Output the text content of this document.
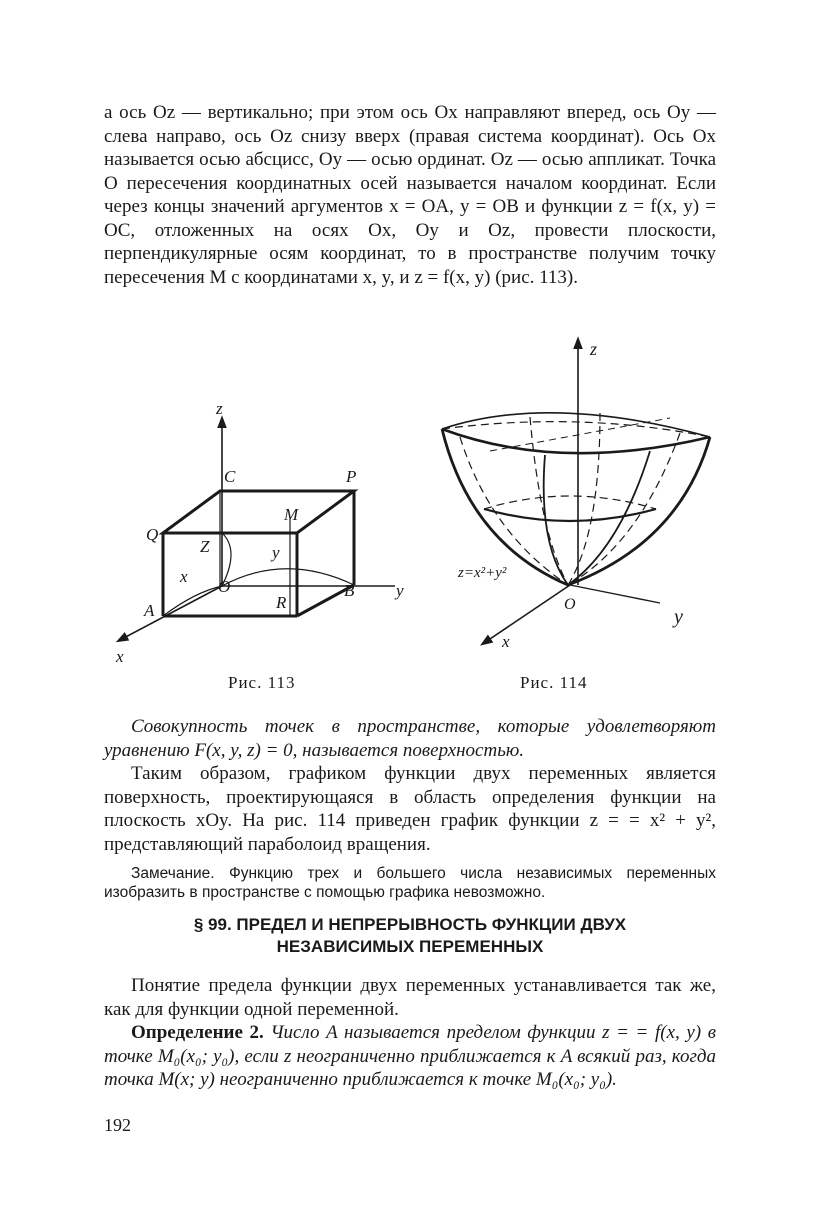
а ось Oz — вертикально; при этом ось Ox направляют вперед, ось Oy — слева направо, ось Oz снизу вверх (правая система координат). Ось Ox называется осью абсцисс, Oy — осью ординат. Oz — осью аппликат. Точка O пересечения координатных осей называется началом координат. Если через концы значений аргументов x = OA, y = OB и функции z = f(x, y) = OC, отложенных на осях Ox, Oy и Oz, провести плоскости, перпендикулярные осям координат, то в пространстве получим точку пересечения M с координатами x, y, и z = f(x, y) (рис. 113).

z
C	P
Q
M
Z	y
x
O	B y
A	R
x
Рис. 113
z
z=x²+y²
O
y
x
Рис. 114

Совокупность точек в пространстве, которые удовлетворяют уравнению F(x, y, z) = 0, называется поверхностью.

Таким образом, графиком функции двух переменных является поверхность, проектирующаяся в область определения функции на плоскость xOy. На рис. 114 приведен график функции z = = x² + y², представляющий параболоид вращения.

Замечание. Функцию трех и большего числа независимых переменных изобразить в пространстве с помощью графика невозможно.

§ 99. ПРЕДЕЛ И НЕПРЕРЫВНОСТЬ ФУНКЦИИ ДВУХ

НЕЗАВИСИМЫХ ПЕРЕМЕННЫХ

Понятие предела функции двух переменных устанавливается так же, как для функции одной переменной.

Определение 2. Число A называется пределом функции z = = f(x, y) в точке M₀(x₀; y₀), если z неограниченно приближается к A всякий раз, когда точка M(x; y) неограниченно приближается к точке M₀(x₀; y₀).

192
